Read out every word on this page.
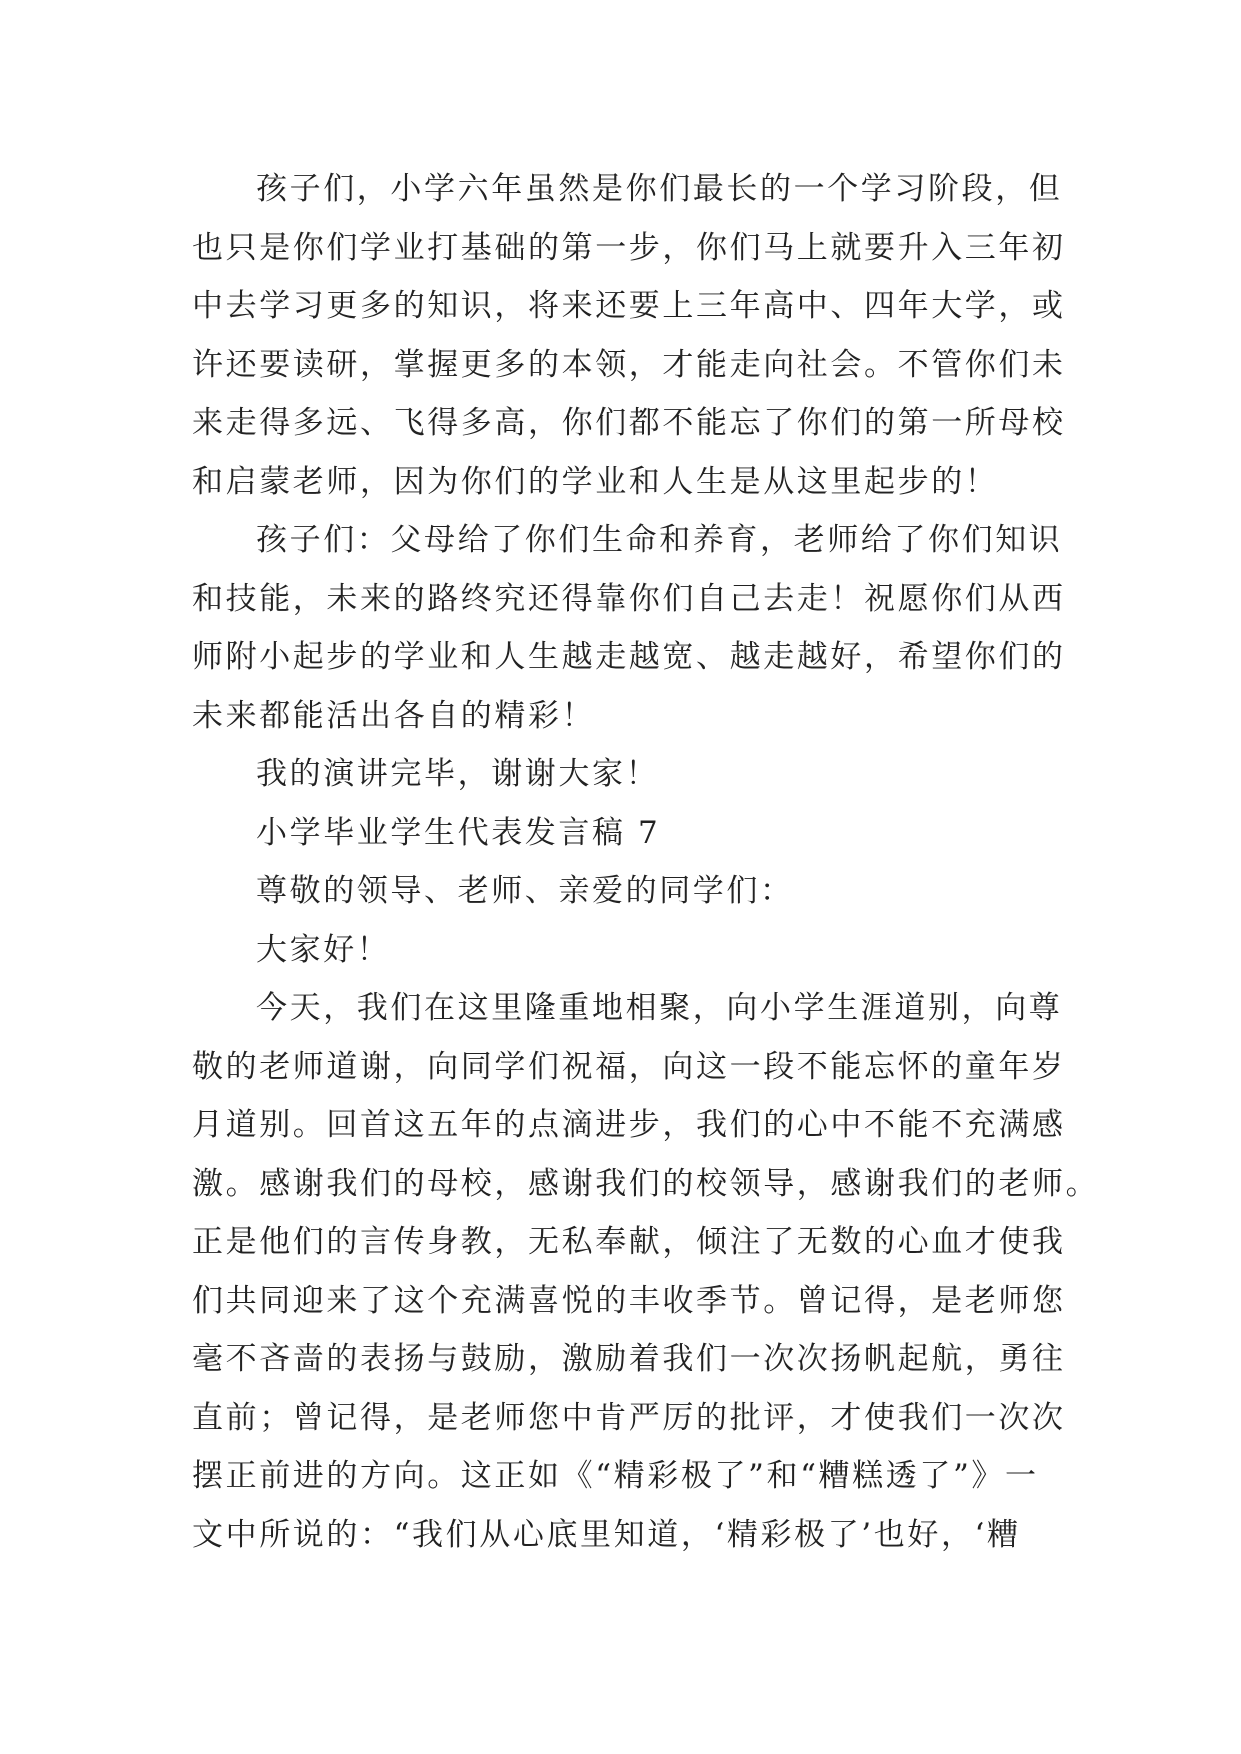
孩子们，小学六年虽然是你们最长的一个学习阶段，但
也只是你们学业打基础的第一步，你们马上就要升入三年初
中去学习更多的知识，将来还要上三年高中、四年大学，或
许还要读研，掌握更多的本领，才能走向社会。不管你们未
来走得多远、飞得多高，你们都不能忘了你们的第一所母校
和启蒙老师，因为你们的学业和人生是从这里起步的！
孩子们：父母给了你们生命和养育，老师给了你们知识
和技能，未来的路终究还得靠你们自己去走！祝愿你们从西
师附小起步的学业和人生越走越宽、越走越好，希望你们的
未来都能活出各自的精彩！
我的演讲完毕，谢谢大家！
小学毕业学生代表发言稿 7
尊敬的领导、老师、亲爱的同学们：
大家好！
今天，我们在这里隆重地相聚，向小学生涯道别，向尊
敬的老师道谢，向同学们祝福，向这一段不能忘怀的童年岁
月道别。回首这五年的点滴进步，我们的心中不能不充满感
激。感谢我们的母校，感谢我们的校领导，感谢我们的老师。
正是他们的言传身教，无私奉献，倾注了无数的心血才使我
们共同迎来了这个充满喜悦的丰收季节。曾记得，是老师您
毫不吝啬的表扬与鼓励，激励着我们一次次扬帆起航，勇往
直前；曾记得，是老师您中肯严厉的批评，才使我们一次次
摆正前进的方向。这正如《“精彩极了”和“糟糕透了”》一
文中所说的：“我们从心底里知道，‘精彩极了’也好，‘糟
